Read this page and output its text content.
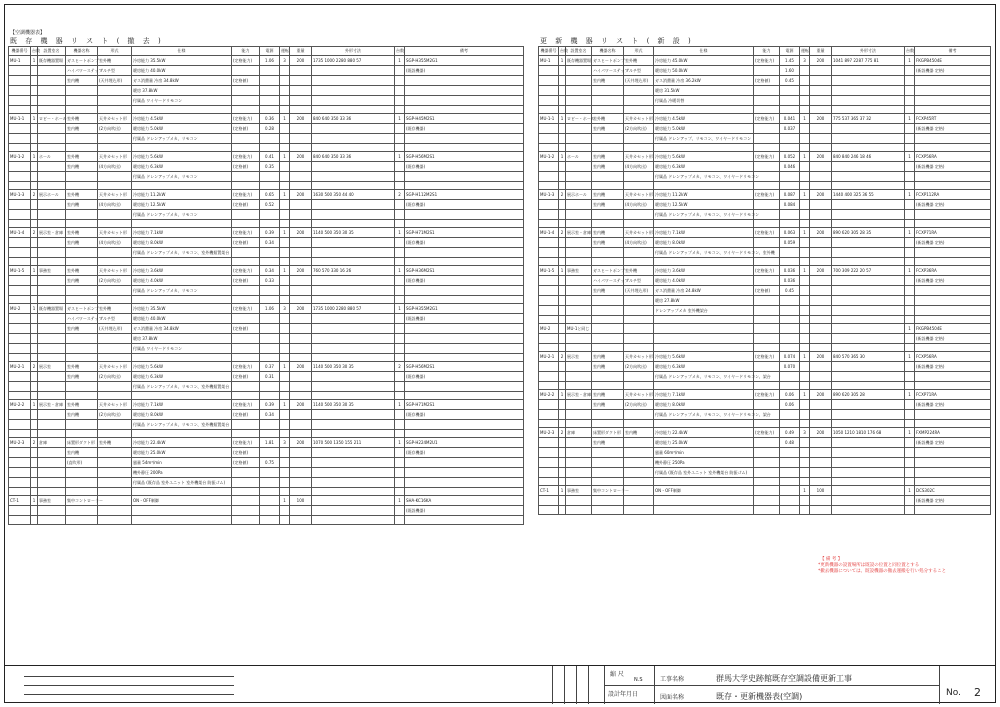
【空調機器表】
既 存 機 器 リ ス ト ( 撤 去 )	更 新 機 器 リ ス ト ( 新 設 )
機器番号	台数	設置室名	機器名称	形式	仕様	能力	電源	運転	重量	外形寸法	台数	備考
MU-1	1	既存機器置場	ガスヒートポンプ	室外機	冷房能力 35.5kW	(定格能力)	1.06	3	200	1735 1000 2280 880 57	1	SGP-H355M2G1
			ハイパワーステップ	マルチ型	暖房能力 40.0kW							(既設機器)
			室内機	(天井埋込形)	ガス消費量 冷房 34.8kW	(定格値)						
					暖房 37.8kW							
					付属品 ワイヤードリモコン							

MU-1-1	1	ロビー・ホール	室外機	天井カセット形	冷房能力 4.5kW	(定格能力)	0.36	1	200	840 640 350 33 36	1	SGP-H45M2S1
			室内機	(2方向吹出)	暖房能力 5.0kW	(定格値)	0.28					(既存機器)
					付属品 ドレンアップメカ、リモコン							

MU-1-2	1	ホール	室外機	天井カセット形	冷房能力 5.6kW	(定格能力)	0.41	1	200	840 640 350 33 36	1	SGP-H56M2S1
			室内機	(4方向吹出)	暖房能力 6.3kW	(定格値)	0.35					(既存機器)
					付属品 ドレンアップメカ、リモコン							

MU-1-3	2	展示ホール	室外機	天井カセット形	冷房能力 11.2kW	(定格能力)	0.65	1	200	1630 500 350 44 40	2	SGP-H112M2S1
			室内機	(4方向吹出)	暖房能力 12.5kW	(定格値)	0.52					(既存機器)
					付属品 ドレンアップメカ、リモコン							

MU-1-4	2	展示室・倉庫	室外機	天井カセット形	冷房能力 7.1kW	(定格能力)	0.39	1	200	1140 500 350 30 35	1	SGP-H71M2S1
			室内機	(4方向吹出)	暖房能力 8.0kW	(定格値)	0.34					(既存機器)
					付属品 ドレンアップメカ、リモコン、室外機据置架台							

MU-1-5	1	事務室	室外機	天井カセット形	冷房能力 3.6kW	(定格能力)	0.34	1	200	760 570 330 16 26	1	SGP-H36M2S1
			室内機	(2方向吹出)	暖房能力 4.0kW	(定格値)	0.33					(既存機器)
					付属品 ドレンアップメカ、リモコン							

MU-2	1	既存機器置場	ガスヒートポンプ	室外機	冷房能力 35.5kW	(定格能力)	1.06	3	200	1735 1000 2280 880 57	1	SGP-H355M2G1
			ハイパワーステップ	マルチ型	暖房能力 40.0kW							(既設機器)
			室内機	(天井埋込形)	ガス消費量 冷房 34.8kW	(定格値)						
					暖房 37.8kW							
					付属品 ワイヤードリモコン							

MU-2-1	2	展示室	室外機	天井カセット形	冷房能力 5.6kW	(定格能力)	0.37	1	200	1140 500 350 30 35	2	SGP-H56M2S1
			室内機	(2方向吹出)	暖房能力 6.3kW	(定格値)	0.31					(既存機器)
					付属品 ドレンアップメカ、リモコン、室外機据置架台							

MU-2-2	1	展示室・倉庫	室外機	天井カセット形	冷房能力 7.1kW	(定格能力)	0.39	1	200	1140 500 350 30 35	1	SGP-H71M2S1
			室内機	(2方向吹出)	暖房能力 8.0kW	(定格値)	0.34					(既存機器)
					付属品 ドレンアップメカ、リモコン、室外機据置架台							

MU-2-3	2	倉庫	床置形ダクト形	室外機	冷房能力 22.4kW	(定格能力)	1.81	3	200	1070 500 1350 155 211	1	SGP-H224M2U1
			室内機		暖房能力 25.0kW	(定格値)						(既存機器)
			(直吹形)		風量 54m³/min	(定格値)	0.75					
					機外静圧 200Pa							
					付属品 (既存品 室外ユニット 室外機架台 防振ゴム)							

CT-1	1	事務室	集中コントローラー		ON・OFF制御			1	100		1	SHA-KC16KA
												(既設機器)

機器番号	台数	設置室名	機器名称	形式	仕様	能力	電源	運転	重量	外形寸法	台数	備考
MU-1	1	既存機器置場	ガスヒートポンプ	室外機	冷房能力 45.0kW	(定格能力)	1.45	3	200	1041 897 2287 775 81	1	FKGPB4504E
			ハイパワーステップ	マルチ型	暖房能力 50.0kW		1.60					(新設機器 定格)
			室内機	(天井埋込形)	ガス消費量 冷房 36.2kW	(定格値)	0.45					
					暖房 31.5kW							
					付属品 冷暖切替							

MU-1-1	1	ロビー・ホール	室外機	天井カセット形	冷房能力 4.5kW	(定格能力)	0.041	1	200	775 537 365 37 32	1	FCXP45RT
			室内機	(2方向吹出)	暖房能力 5.0kW		0.037					(新設機器 定格)
					付属品 ドレンアップ、リモコン、ワイヤードリモコン							

MU-1-2	1	ホール	室内機	天井カセット形	冷房能力 5.6kW	(定格能力)	0.052	1	200	840 840 246 18 46	1	FCXP56RA
			室内機	(4方向吹出)	暖房能力 6.3kW		0.046					(新設機器 定格)
					付属品 ドレンアップメカ、リモコン、ワイヤードリモコン							

MU-1-3	2	展示ホール	室内機	天井カセット形	冷房能力 11.2kW	(定格能力)	0.087	1	200	1440 400 325 36 55	1	FCXP112RA
			室内機	(4方向吹出)	暖房能力 12.5kW		0.084					(新設機器 定格)
					付属品 ドレンアップメカ、リモコン、ワイヤードリモコン							

MU-1-4	2	展示室・倉庫	室内機	天井カセット形	冷房能力 7.1kW	(定格能力)	0.063	1	200	890 620 305 28 35	1	FCXP71RA
			室内機	(4方向吹出)	暖房能力 8.0kW		0.059					(新設機器 定格)
					付属品 ドレンアップメカ、リモコン、ワイヤードリモコン、室外機							

MU-1-5	1	事務室	ガスヒートポンプ	室外機	冷房能力 3.6kW	(定格能力)	0.036	1	200	700 309 222 20 57	1	FCXP36RA
			ハイパワーステップ	マルチ型	暖房能力 4.0kW		0.036					(新設機器 定格)
			室内機	(天井埋込形)	ガス消費量 冷房 24.8kW	(定格値)	0.45					
					暖房 27.8kW							
					ドレンアップメカ 室外機架台							

MU-2		MU-1と同じ									1	FKGPB4504E
												(新設機器 定格)

MU-2-1	2	展示室	室内機	天井カセット形	冷房能力 5.6kW	(定格能力)	0.074	1	200	840 570 365 30	1	FCXP56RA
			室内機	(2方向吹出)	暖房能力 6.3kW		0.070					(新設機器 定格)
					付属品 ドレンアップメカ、リモコン、ワイヤードリモコン、架台							

MU-2-2	1	展示室・倉庫	室内機	天井カセット形	冷房能力 7.1kW	(定格能力)	0.06	1	200	890 620 305 28	1	FCXP71RA
			室内機	(2方向吹出)	暖房能力 8.0kW		0.06					(新設機器 定格)
					付属品 ドレンアップメカ、リモコン、ワイヤードリモコン、架台							

MU-2-3	2	倉庫	床置形ダクト形	室内機	冷房能力 22.4kW	(定格能力)	0.49	3	200	1050 1210 1810 176 68	1	FXMP224RA
			室内機		暖房能力 25.0kW		0.48					(新設機器 定格)
					風量 60m³/min							
					機外静圧 250Pa							
					付属品 (既存品 室外ユニット 室外機架台 防振ゴム)							

CT-1	1	事務室	集中コントローラー		ON・OFF制御			1	100		1	DCS302C
												(新設機器 定格)

【 備 考 】
*更新機器の設置場所は既設の位置と同位置とする
*撤去機器については、既設機器の撤去運搬を行い処分すること
縮 尺
N.S
設計年月日
工事名称	群馬大学史跡館既存空調設備更新工事
図面名称	既存・更新機器表(空調)	No. 2
